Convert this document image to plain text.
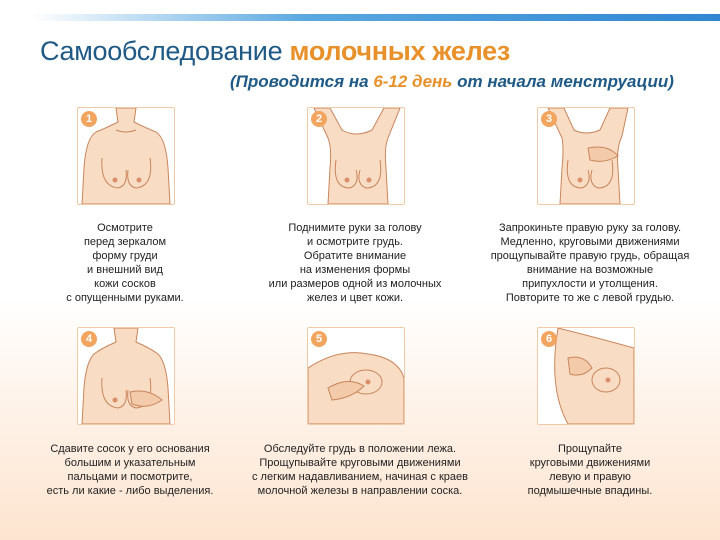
Самообследование молочных желез
(Проводится на 6-12 день от начала менструации)
1
Осмотрите
перед зеркалом
форму груди
и внешний вид
кожи сосков
с опущенными руками.
2
Поднимите руки за голову
и осмотрите грудь.
Обратите внимание
на изменения формы
или размеров одной из молочных
желез и цвет кожи.
3
Запрокиньте правую руку за голову.
Медленно, круговыми движениями
прощупывайте правую грудь, обращая
внимание на возможные
припухлости и утолщения.
Повторите то же с левой грудью.
4
Сдавите сосок у его основания
большим и указательным
пальцами и посмотрите,
есть ли какие - либо выделения.
5
Обследуйте грудь в положении лежа.
Прощупывайте круговыми движениями
с легким надавливанием, начиная с краев
молочной железы в направлении соска.
6
Прощупайте
круговыми движениями
левую и правую
подмышечные впадины.
